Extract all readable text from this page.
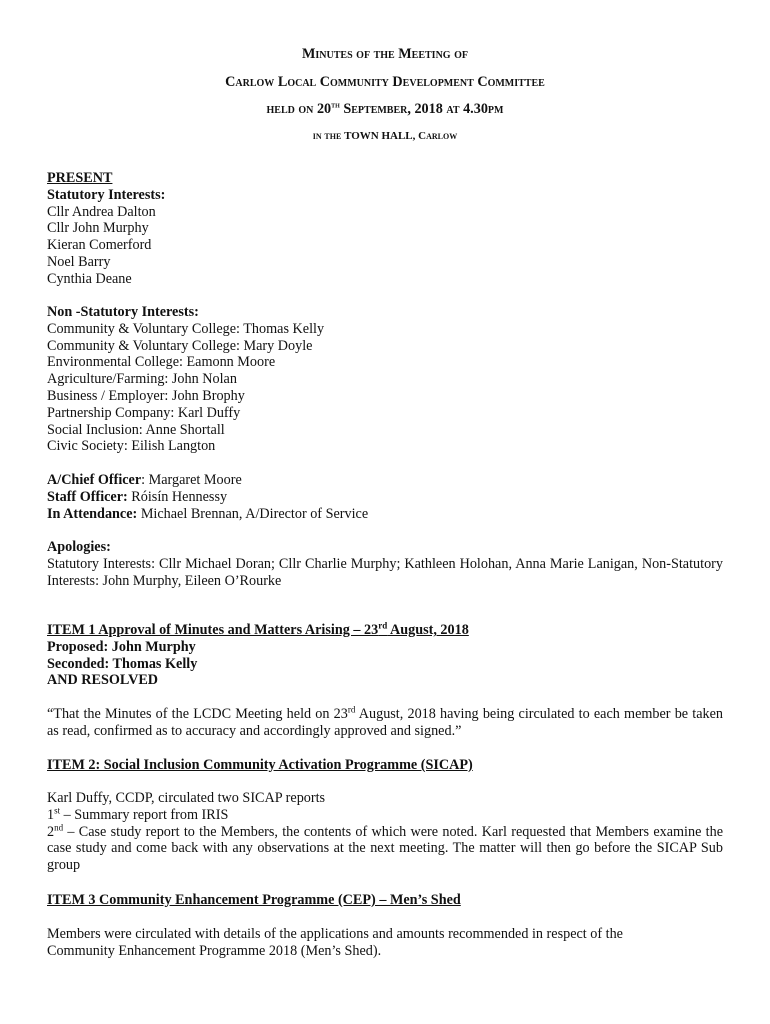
Minutes of the Meeting of
Carlow Local Community Development Committee
held on 20th September, 2018 at 4.30pm
in the TOWN HALL, Carlow
PRESENT
Statutory Interests:
Cllr Andrea Dalton
Cllr John Murphy
Kieran Comerford
Noel Barry
Cynthia Deane
Non -Statutory Interests:
Community & Voluntary College: Thomas Kelly
Community & Voluntary College: Mary Doyle
Environmental College: Eamonn Moore
Agriculture/Farming: John Nolan
Business / Employer: John Brophy
Partnership Company: Karl Duffy
Social Inclusion: Anne Shortall
Civic Society: Eilish Langton
A/Chief Officer: Margaret Moore
Staff Officer: Róisín Hennessy
In Attendance: Michael Brennan, A/Director of Service
Apologies:
Statutory Interests: Cllr Michael Doran; Cllr Charlie Murphy; Kathleen Holohan, Anna Marie Lanigan, Non-Statutory Interests: John Murphy, Eileen O’Rourke
ITEM 1 Approval of Minutes and Matters Arising – 23rd August, 2018
Proposed: John Murphy
Seconded: Thomas Kelly
AND RESOLVED
“That the Minutes of the LCDC Meeting held on 23rd August, 2018 having being circulated to each member be taken as read, confirmed as to accuracy and accordingly approved and signed.”
ITEM 2: Social Inclusion Community Activation Programme (SICAP)
Karl Duffy, CCDP, circulated two SICAP reports
1st – Summary report from IRIS
2nd – Case study report to the Members, the contents of which were noted. Karl requested that Members examine the case study and come back with any observations at the next meeting. The matter will then go before the SICAP Sub group
ITEM 3 Community Enhancement Programme (CEP) – Men’s Shed
Members were circulated with details of the applications and amounts recommended in respect of the Community Enhancement Programme 2018 (Men’s Shed).
